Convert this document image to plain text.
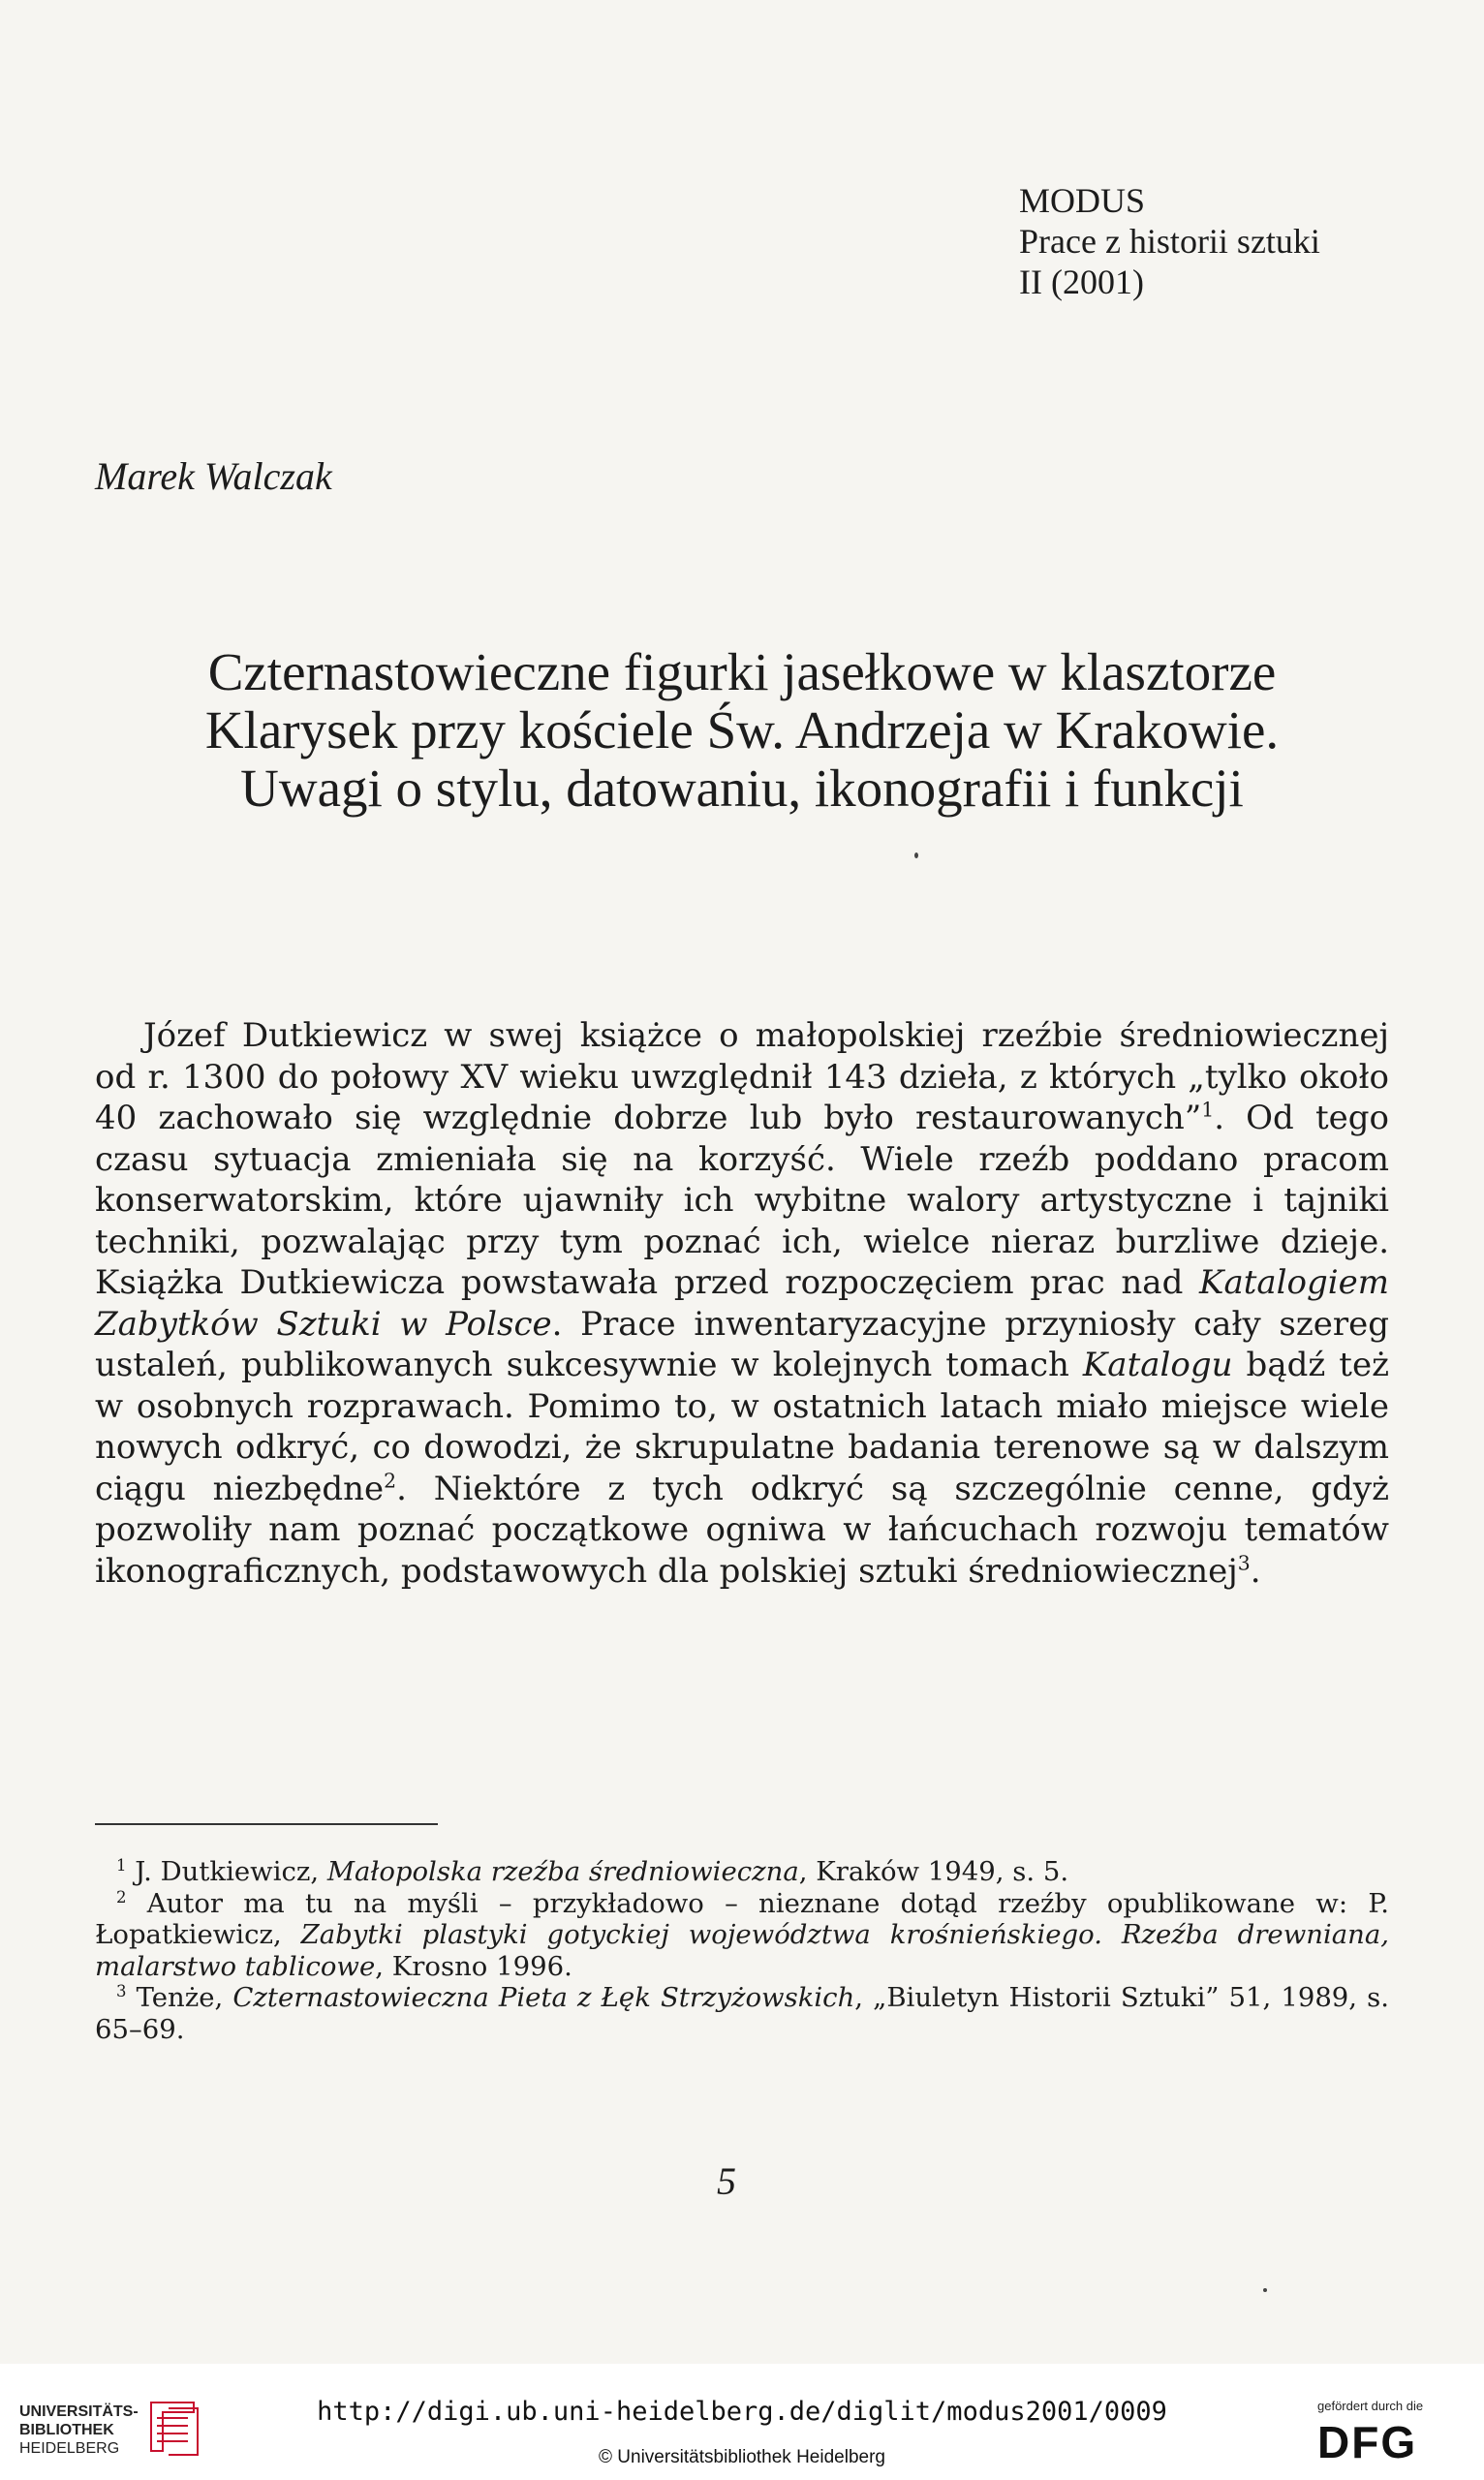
MODUS
Prace z historii sztuki
II (2001)
Marek Walczak
Czternastowieczne figurki jasełkowe w klasztorze
Klarysek przy kościele Św. Andrzeja w Krakowie.
Uwagi o stylu, datowaniu, ikonografii i funkcji
Józef Dutkiewicz w swej książce o małopolskiej rzeźbie średniowiecznej od r. 1300 do połowy XV wieku uwzględnił 143 dzieła, z których „tylko około 40 zachowało się względnie dobrze lub było restaurowanych”$^1$. Od tego czasu sytuacja zmieniała się na korzyść. Wiele rzeźb poddano pracom konserwatorskim, które ujawniły ich wybitne walory artystyczne i tajniki techniki, pozwalając przy tym poznać ich, wielce nieraz burzliwe dzieje. Książka Dutkiewicza powstawała przed rozpoczęciem prac nad Katalogiem Zabytków Sztuki w Polsce. Prace inwentaryzacyjne przyniosły cały szereg ustaleń, publikowanych sukcesywnie w kolejnych tomach Katalogu bądź też w osobnych rozprawach. Pomimo to, w ostatnich latach miało miejsce wiele nowych odkryć, co dowodzi, że skrupulatne badania terenowe są w dalszym ciągu niezbędne$^2$. Niektóre z tych odkryć są szczególnie cenne, gdyż pozwoliły nam poznać początkowe ogniwa w łańcuchach rozwoju tematów ikonograficznych, podstawowych dla polskiej sztuki średniowiecznej$^3$.

$^1$ J. Dutkiewicz, Małopolska rzeźba średniowieczna, Kraków 1949, s. 5.

$^2$ Autor ma tu na myśli – przykładowo – nieznane dotąd rzeźby opublikowane w: P. Łopatkiewicz, Zabytki plastyki gotyckiej województwa krośnieńskiego. Rzeźba drewniana, malarstwo tablicowe, Krosno 1996.

$^3$ Tenże, Czternastowieczna Pieta z Łęk Strzyżowskich, „Biuletyn Historii Sztuki” 51, 1989, s. 65–69.

5
UNIVERSITÄTS-
BIBLIOTHEK
HEIDELBERG
http://digi.ub.uni-heidelberg.de/diglit/modus2001/0009
© Universitätsbibliothek Heidelberg
gefördert durch die
DFG
